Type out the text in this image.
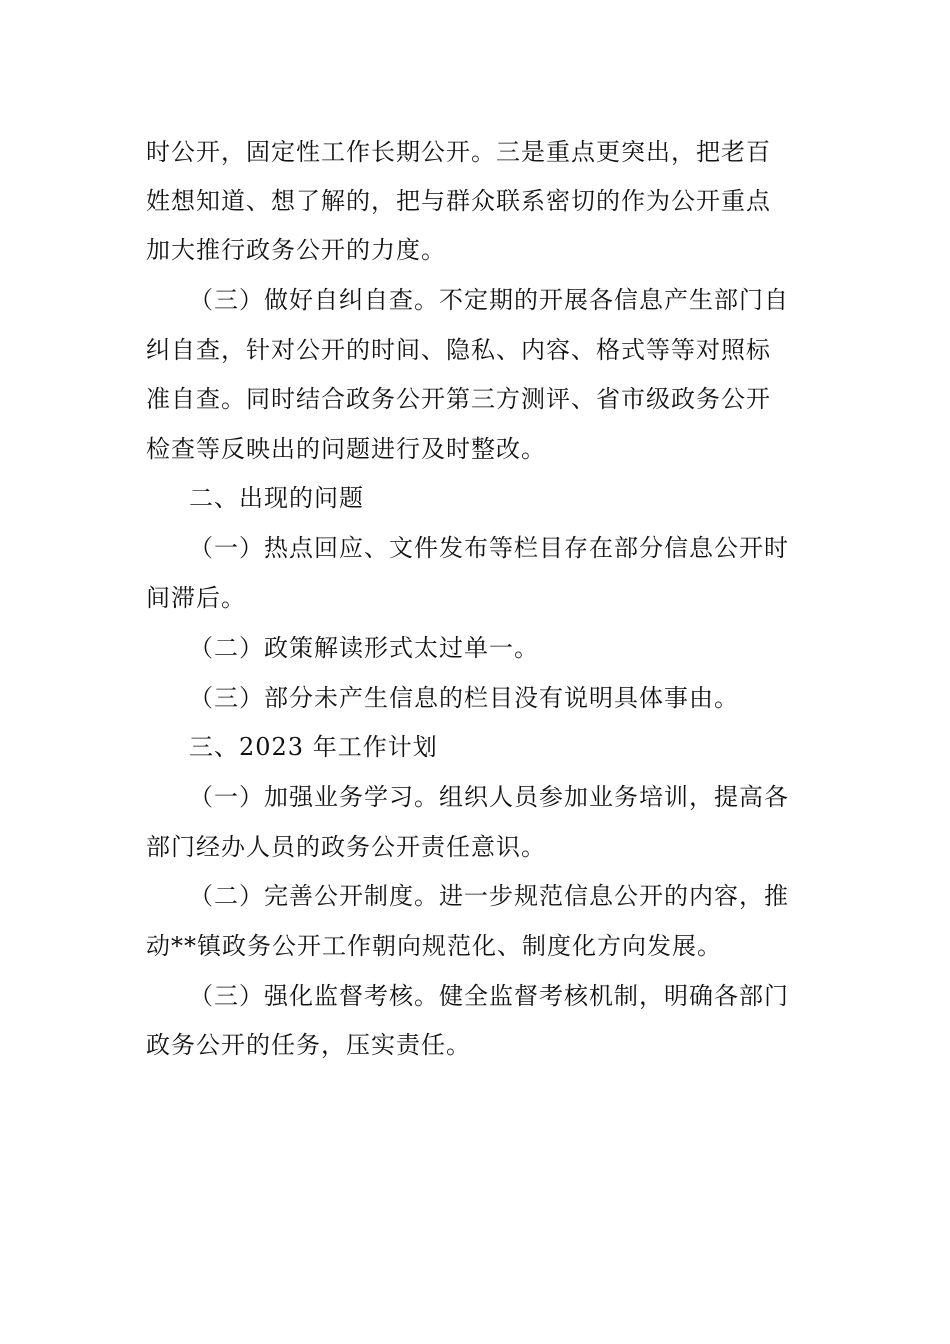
时公开，固定性工作长期公开。三是重点更突出，把老百
姓想知道、想了解的，把与群众联系密切的作为公开重点
加大推行政务公开的力度。
（三）做好自纠自查。不定期的开展各信息产生部门自
纠自查，针对公开的时间、隐私、内容、格式等等对照标
准自查。同时结合政务公开第三方测评、省市级政务公开
检查等反映出的问题进行及时整改。
二、出现的问题
（一）热点回应、文件发布等栏目存在部分信息公开时
间滞后。
（二）政策解读形式太过单一。
（三）部分未产生信息的栏目没有说明具体事由。
三、2023 年工作计划
（一）加强业务学习。组织人员参加业务培训，提高各
部门经办人员的政务公开责任意识。
（二）完善公开制度。进一步规范信息公开的内容，推
动**镇政务公开工作朝向规范化、制度化方向发展。
（三）强化监督考核。健全监督考核机制，明确各部门
政务公开的任务，压实责任。
